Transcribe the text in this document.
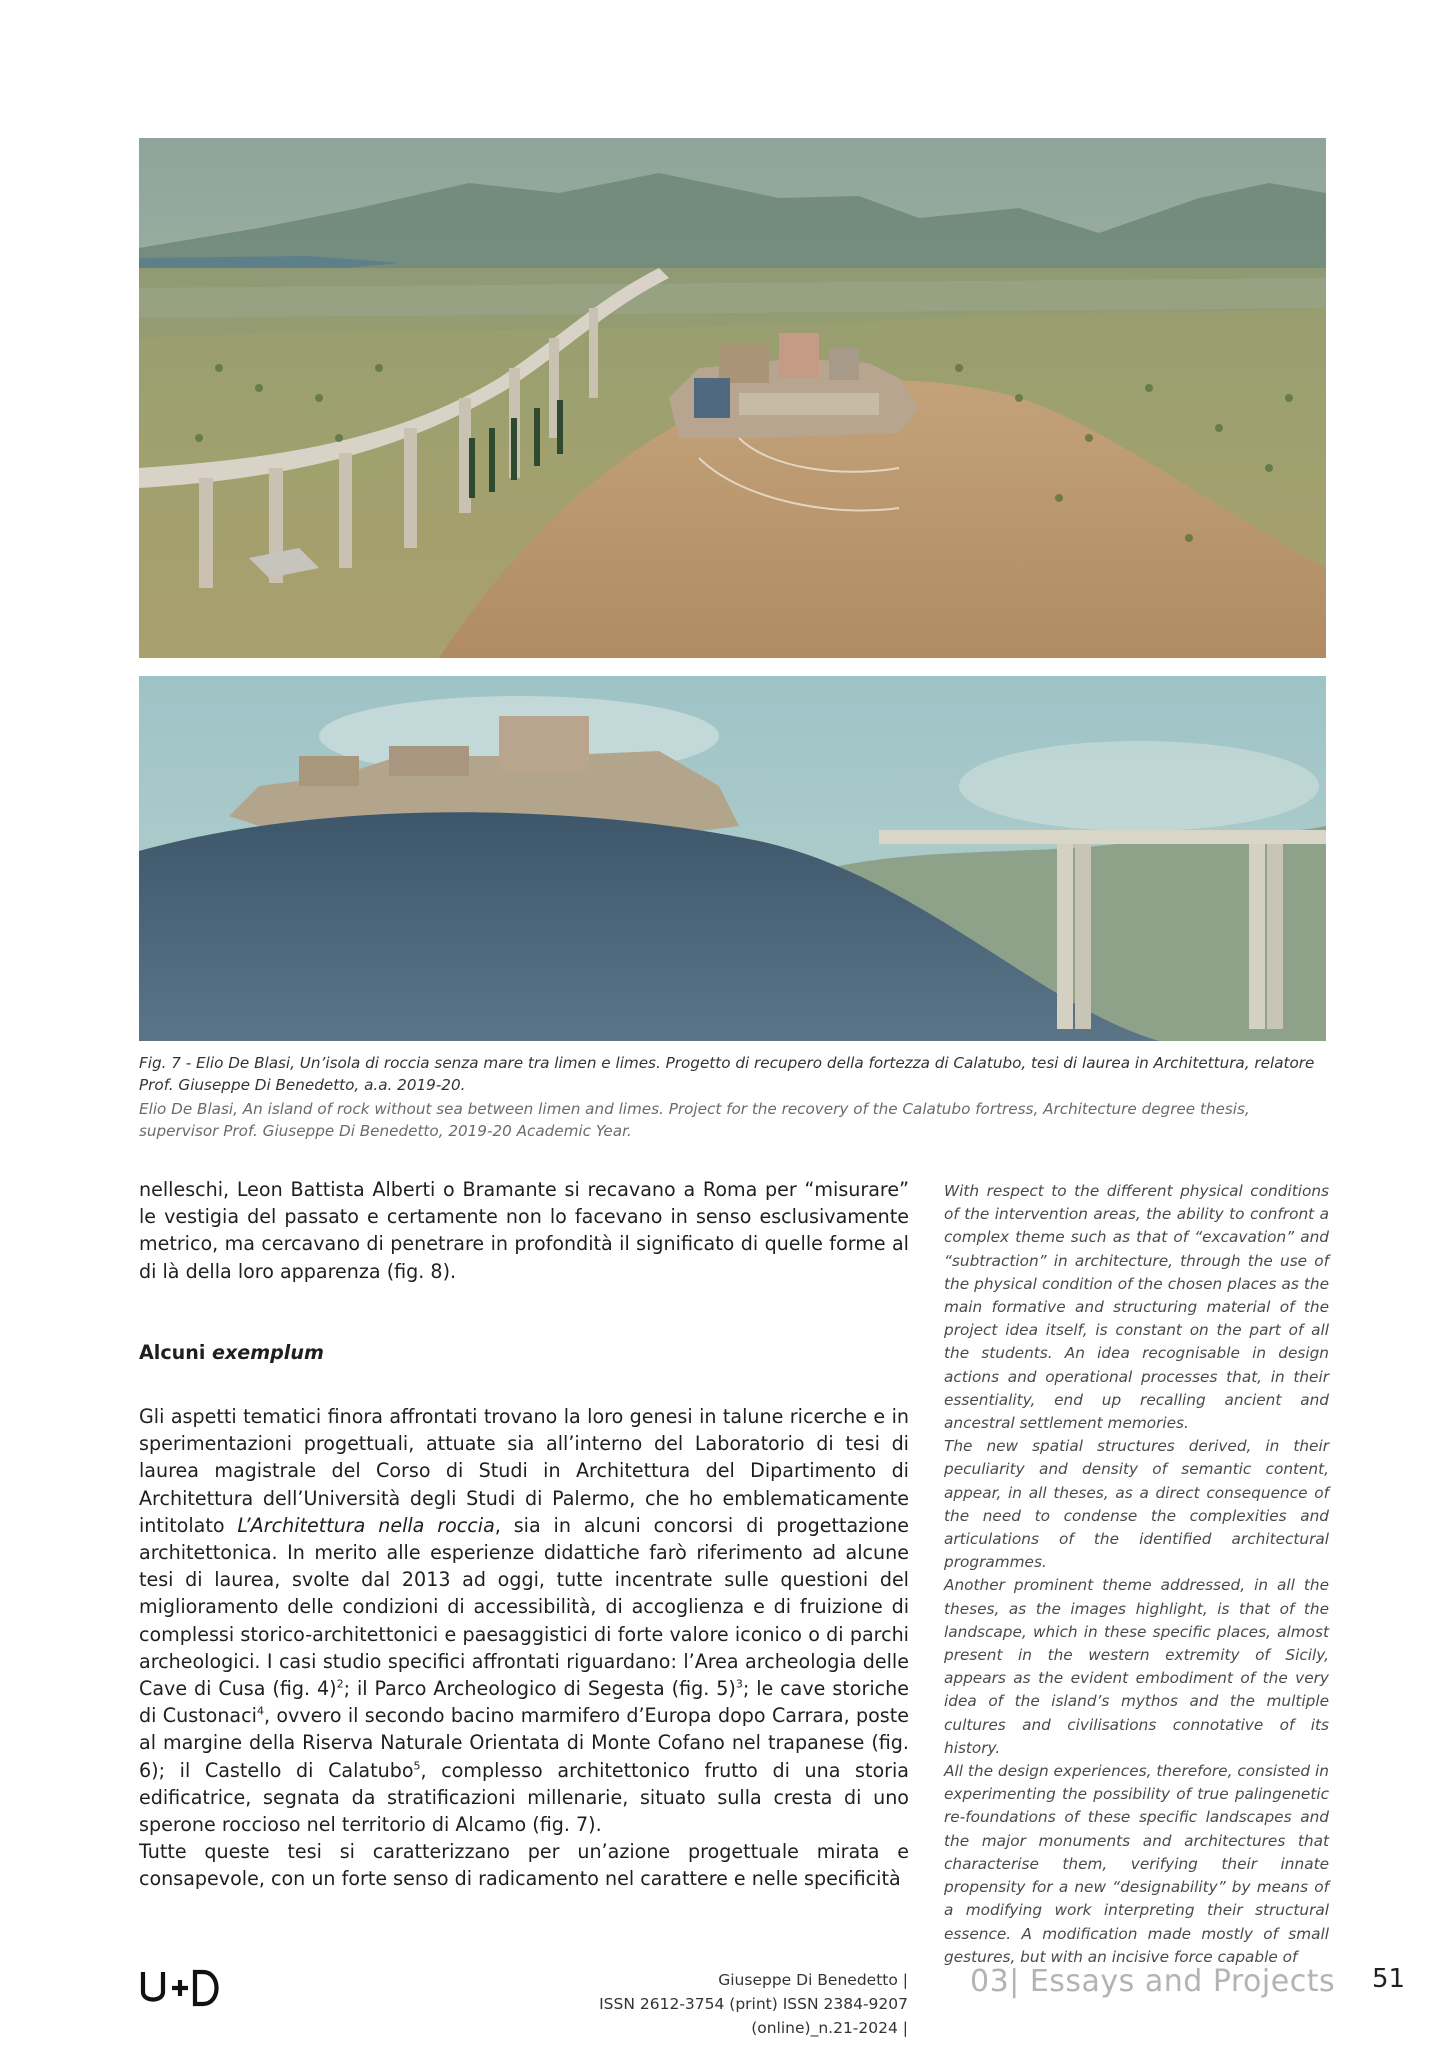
Fig. 7 - Elio De Blasi, Un’isola di roccia senza mare tra limen e limes. Progetto di recupero della fortezza di Calatubo, tesi di laurea in Architettura, relatore Prof. Giuseppe Di Benedetto, a.a. 2019-20.

Elio De Blasi, An island of rock without sea between limen and limes. Project for the recovery of the Calatubo fortress, Architecture degree thesis, supervisor Prof. Giuseppe Di Benedetto, 2019-20 Academic Year.

nelleschi, Leon Battista Alberti o Bramante si recavano a Roma per “misurare” le vestigia del passato e certamente non lo facevano in senso esclusivamente metrico, ma cercavano di penetrare in profondità il significato di quelle forme al di là della loro apparenza (fig. 8).

Alcuni exemplum

Gli aspetti tematici finora affrontati trovano la loro genesi in talune ricerche e in sperimentazioni progettuali, attuate sia all’interno del Laboratorio di tesi di laurea magistrale del Corso di Studi in Architettura del Dipartimento di Architettura dell’Università degli Studi di Palermo, che ho emblematicamente intitolato L’Architettura nella roccia, sia in alcuni concorsi di progettazione architettonica. In merito alle esperienze didattiche farò riferimento ad alcune tesi di laurea, svolte dal 2013 ad oggi, tutte incentrate sulle questioni del miglioramento delle condizioni di accessibilità, di accoglienza e di fruizione di complessi storico-architettonici e paesaggistici di forte valore iconico o di parchi archeologici. I casi studio specifici affrontati riguardano: l’Area archeologia delle Cave di Cusa (fig. 4)$^2$; il Parco Archeologico di Segesta (fig. 5)$^3$; le cave storiche di Custonaci$^4$, ovvero il secondo bacino marmifero d’Europa dopo Carrara, poste al margine della Riserva Naturale Orientata di Monte Cofano nel trapanese (fig. 6); il Castello di Calatubo$^5$, complesso architettonico frutto di una storia edificatrice, segnata da stratificazioni millenarie, situato sulla cresta di uno sperone roccioso nel territorio di Alcamo (fig. 7).

Tutte queste tesi si caratterizzano per un’azione progettuale mirata e consapevole, con un forte senso di radicamento nel carattere e nelle specificità

With respect to the different physical conditions of the intervention areas, the ability to confront a complex theme such as that of “excavation” and “subtraction” in architecture, through the use of the physical condition of the chosen places as the main formative and structuring material of the project idea itself, is constant on the part of all the students. An idea recognisable in design actions and operational processes that, in their essentiality, end up recalling ancient and ancestral settlement memories.

The new spatial structures derived, in their peculiarity and density of semantic content, appear, in all theses, as a direct consequence of the need to condense the complexities and articulations of the identified architectural programmes.

Another prominent theme addressed, in all the theses, as the images highlight, is that of the landscape, which in these specific places, almost present in the western extremity of Sicily, appears as the evident embodiment of the very idea of the island’s mythos and the multiple cultures and civilisations connotative of its history.

All the design experiences, therefore, consisted in experimenting the possibility of true palingenetic re-foundations of these specific landscapes and the major monuments and architectures that characterise them, verifying their innate propensity for a new “designability” by means of a modifying work interpreting their structural essence. A modification made mostly of small gestures, but with an incisive force capable of

Giuseppe Di Benedetto |
ISSN 2612-3754 (print) ISSN 2384-9207 (online)_n.21-2024 |
03| Essays and Projects 51
